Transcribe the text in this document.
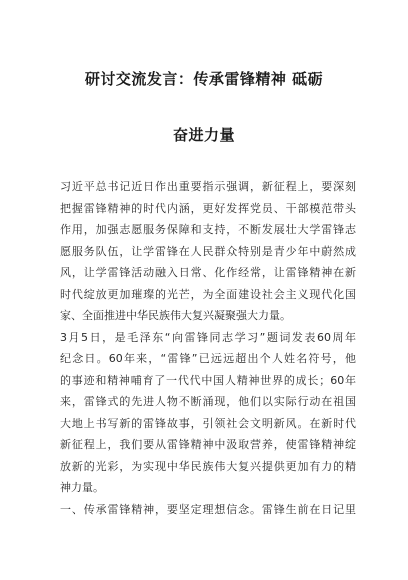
研讨交流发言：传承雷锋精神 砥砺
奋进力量
习近平总书记近日作出重要指示强调，新征程上，要深刻
把握雷锋精神的时代内涵，更好发挥党员、干部模范带头
作用，加强志愿服务保障和支持，不断发展壮大学雷锋志
愿服务队伍，让学雷锋在人民群众特别是青少年中蔚然成
风，让学雷锋活动融入日常、化作经常，让雷锋精神在新
时代绽放更加璀璨的光芒，为全面建设社会主义现代化国
家、全面推进中华民族伟大复兴凝聚强大力量。
3月5日，是毛泽东“向雷锋同志学习”题词发表60周年
纪念日。60年来，“雷锋”已远远超出个人姓名符号，他
的事迹和精神哺育了一代代中国人精神世界的成长；60年
来，雷锋式的先进人物不断涌现，他们以实际行动在祖国
大地上书写新的雷锋故事，引领社会文明新风。在新时代
新征程上，我们要从雷锋精神中汲取营养，使雷锋精神绽
放新的光彩，为实现中华民族伟大复兴提供更加有力的精
神力量。
一、传承雷锋精神，要坚定理想信念。雷锋生前在日记里
